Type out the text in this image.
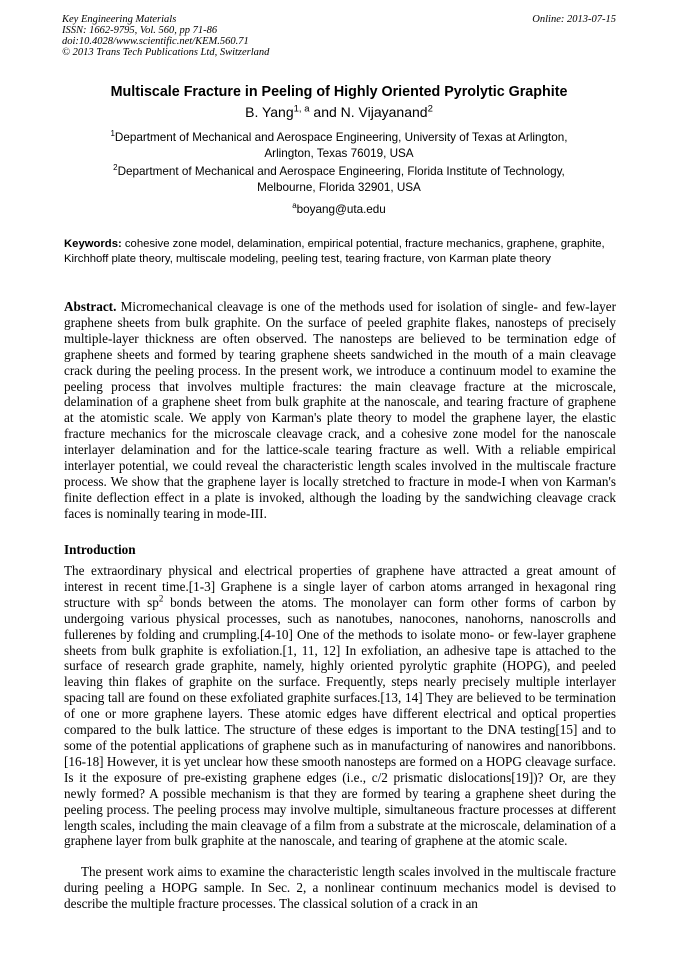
Key Engineering Materials
ISSN: 1662-9795, Vol. 560, pp 71-86
doi:10.4028/www.scientific.net/KEM.560.71
© 2013 Trans Tech Publications Ltd, Switzerland
Online: 2013-07-15
Multiscale Fracture in Peeling of Highly Oriented Pyrolytic Graphite
B. Yang$^{1, a}$ and N. Vijayanand$^2$
$^1$Department of Mechanical and Aerospace Engineering, University of Texas at Arlington,
Arlington, Texas 76019, USA
$^2$Department of Mechanical and Aerospace Engineering, Florida Institute of Technology,
Melbourne, Florida 32901, USA
$^a$boyang@uta.edu
Keywords: cohesive zone model, delamination, empirical potential, fracture mechanics, graphene, graphite, Kirchhoff plate theory, multiscale modeling, peeling test, tearing fracture, von Karman plate theory
Abstract. Micromechanical cleavage is one of the methods used for isolation of single- and few-layer graphene sheets from bulk graphite. On the surface of peeled graphite flakes, nanosteps of precisely multiple-layer thickness are often observed. The nanosteps are believed to be termination edge of graphene sheets and formed by tearing graphene sheets sandwiched in the mouth of a main cleavage crack during the peeling process. In the present work, we introduce a continuum model to examine the peeling process that involves multiple fractures: the main cleavage fracture at the microscale, delamination of a graphene sheet from bulk graphite at the nanoscale, and tearing fracture of graphene at the atomistic scale. We apply von Karman's plate theory to model the graphene layer, the elastic fracture mechanics for the microscale cleavage crack, and a cohesive zone model for the nanoscale interlayer delamination and for the lattice-scale tearing fracture as well. With a reliable empirical interlayer potential, we could reveal the characteristic length scales involved in the multiscale fracture process. We show that the graphene layer is locally stretched to fracture in mode-I when von Karman's finite deflection effect in a plate is invoked, although the loading by the sandwiching cleavage crack faces is nominally tearing in mode-III.
Introduction
The extraordinary physical and electrical properties of graphene have attracted a great amount of interest in recent time.[1-3] Graphene is a single layer of carbon atoms arranged in hexagonal ring structure with $sp^2$ bonds between the atoms. The monolayer can form other forms of carbon by undergoing various physical processes, such as nanotubes, nanocones, nanohorns, nanoscrolls and fullerenes by folding and crumpling.[4-10] One of the methods to isolate mono- or few-layer graphene sheets from bulk graphite is exfoliation.[1, 11, 12] In exfoliation, an adhesive tape is attached to the surface of research grade graphite, namely, highly oriented pyrolytic graphite (HOPG), and peeled leaving thin flakes of graphite on the surface. Frequently, steps nearly precisely multiple interlayer spacing tall are found on these exfoliated graphite surfaces.[13, 14] They are believed to be termination of one or more graphene layers. These atomic edges have different electrical and optical properties compared to the bulk lattice. The structure of these edges is important to the DNA testing[15] and to some of the potential applications of graphene such as in manufacturing of nanowires and nanoribbons.[16-18] However, it is yet unclear how these smooth nanosteps are formed on a HOPG cleavage surface. Is it the exposure of pre-existing graphene edges (i.e., c/2 prismatic dislocations[19])? Or, are they newly formed? A possible mechanism is that they are formed by tearing a graphene sheet during the peeling process. The peeling process may involve multiple, simultaneous fracture processes at different length scales, including the main cleavage of a film from a substrate at the microscale, delamination of a graphene layer from bulk graphite at the nanoscale, and tearing of graphene at the atomic scale.
The present work aims to examine the characteristic length scales involved in the multiscale fracture during peeling a HOPG sample. In Sec. 2, a nonlinear continuum mechanics model is devised to describe the multiple fracture processes. The classical solution of a crack in an
